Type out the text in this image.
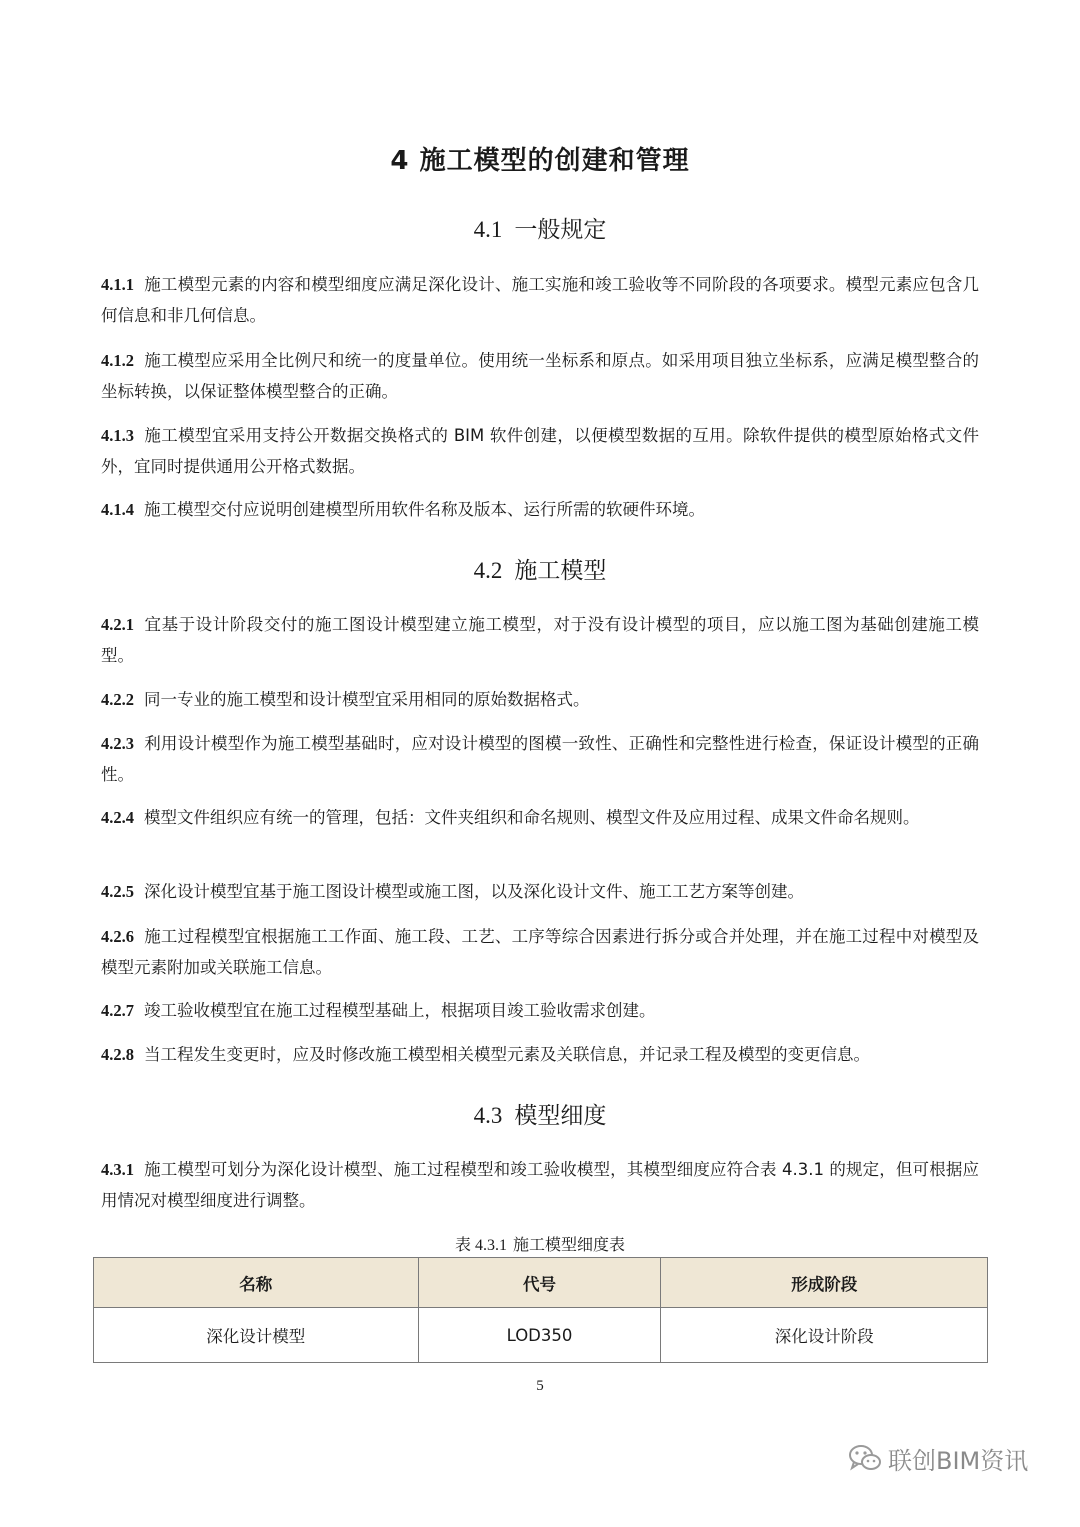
4 施工模型的创建和管理
4.1 一般规定
4.1.1 施工模型元素的内容和模型细度应满足深化设计、施工实施和竣工验收等不同阶段的各项要求。模型元素应包含几何信息和非几何信息。
4.1.2 施工模型应采用全比例尺和统一的度量单位。使用统一坐标系和原点。如采用项目独立坐标系，应满足模型整合的坐标转换，以保证整体模型整合的正确。
4.1.3 施工模型宜采用支持公开数据交换格式的 BIM 软件创建，以便模型数据的互用。除软件提供的模型原始格式文件外，宜同时提供通用公开格式数据。
4.1.4 施工模型交付应说明创建模型所用软件名称及版本、运行所需的软硬件环境。
4.2 施工模型
4.2.1 宜基于设计阶段交付的施工图设计模型建立施工模型，对于没有设计模型的项目，应以施工图为基础创建施工模型。
4.2.2 同一专业的施工模型和设计模型宜采用相同的原始数据格式。
4.2.3 利用设计模型作为施工模型基础时，应对设计模型的图模一致性、正确性和完整性进行检查，保证设计模型的正确性。
4.2.4 模型文件组织应有统一的管理，包括：文件夹组织和命名规则、模型文件及应用过程、成果文件命名规则。
4.2.5 深化设计模型宜基于施工图设计模型或施工图，以及深化设计文件、施工工艺方案等创建。
4.2.6 施工过程模型宜根据施工工作面、施工段、工艺、工序等综合因素进行拆分或合并处理，并在施工过程中对模型及模型元素附加或关联施工信息。
4.2.7 竣工验收模型宜在施工过程模型基础上，根据项目竣工验收需求创建。
4.2.8 当工程发生变更时，应及时修改施工模型相关模型元素及关联信息，并记录工程及模型的变更信息。
4.3 模型细度
4.3.1 施工模型可划分为深化设计模型、施工过程模型和竣工验收模型，其模型细度应符合表 4.3.1 的规定，但可根据应用情况对模型细度进行调整。
表 4.3.1 施工模型细度表
名称	代号	形成阶段
深化设计模型	LOD350	深化设计阶段
5
联创BIM资讯
